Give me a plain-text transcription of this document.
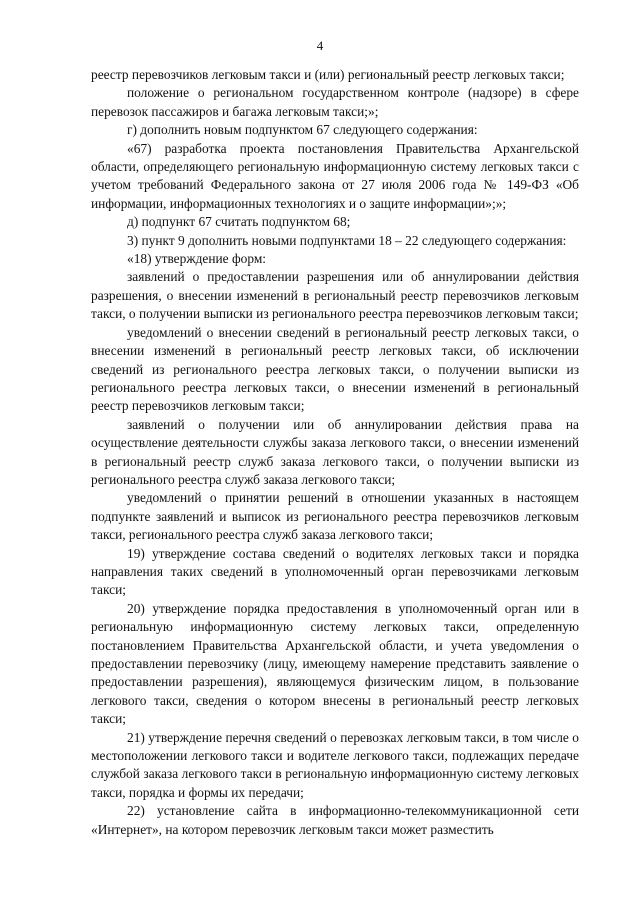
4

реестр перевозчиков легковым такси и (или) региональный реестр легковых такси;

положение о региональном государственном контроле (надзоре) в сфере перевозок пассажиров и багажа легковым такси;»;

г) дополнить новым подпунктом 67 следующего содержания:

«67) разработка проекта постановления Правительства Архангельской области, определяющего региональную информационную систему легковых такси с учетом требований Федерального закона от 27 июля 2006 года № 149-ФЗ «Об информации, информационных технологиях и о защите информации»;»;

д) подпункт 67 считать подпунктом 68;

3) пункт 9 дополнить новыми подпунктами 18 – 22 следующего содержания:

«18) утверждение форм:

заявлений о предоставлении разрешения или об аннулировании действия разрешения, о внесении изменений в региональный реестр перевозчиков легковым такси, о получении выписки из регионального реестра перевозчиков легковым такси;

уведомлений о внесении сведений в региональный реестр легковых такси, о внесении изменений в региональный реестр легковых такси, об исключении сведений из регионального реестра легковых такси, о получении выписки из регионального реестра легковых такси, о внесении изменений в региональный реестр перевозчиков легковым такси;

заявлений о получении или об аннулировании действия права на осуществление деятельности службы заказа легкового такси, о внесении изменений в региональный реестр служб заказа легкового такси, о получении выписки из регионального реестра служб заказа легкового такси;

уведомлений о принятии решений в отношении указанных в настоящем подпункте заявлений и выписок из регионального реестра перевозчиков легковым такси, регионального реестра служб заказа легкового такси;

19) утверждение состава сведений о водителях легковых такси и порядка направления таких сведений в уполномоченный орган перевозчиками легковым такси;

20) утверждение порядка предоставления в уполномоченный орган или в региональную информационную систему легковых такси, определенную постановлением Правительства Архангельской области, и учета уведомления о предоставлении перевозчику (лицу, имеющему намерение представить заявление о предоставлении разрешения), являющемуся физическим лицом, в пользование легкового такси, сведения о котором внесены в региональный реестр легковых такси;

21) утверждение перечня сведений о перевозках легковым такси, в том числе о местоположении легкового такси и водителе легкового такси, подлежащих передаче службой заказа легкового такси в региональную информационную систему легковых такси, порядка и формы их передачи;

22) установление сайта в информационно-телекоммуникационной сети «Интернет», на котором перевозчик легковым такси может разместить
